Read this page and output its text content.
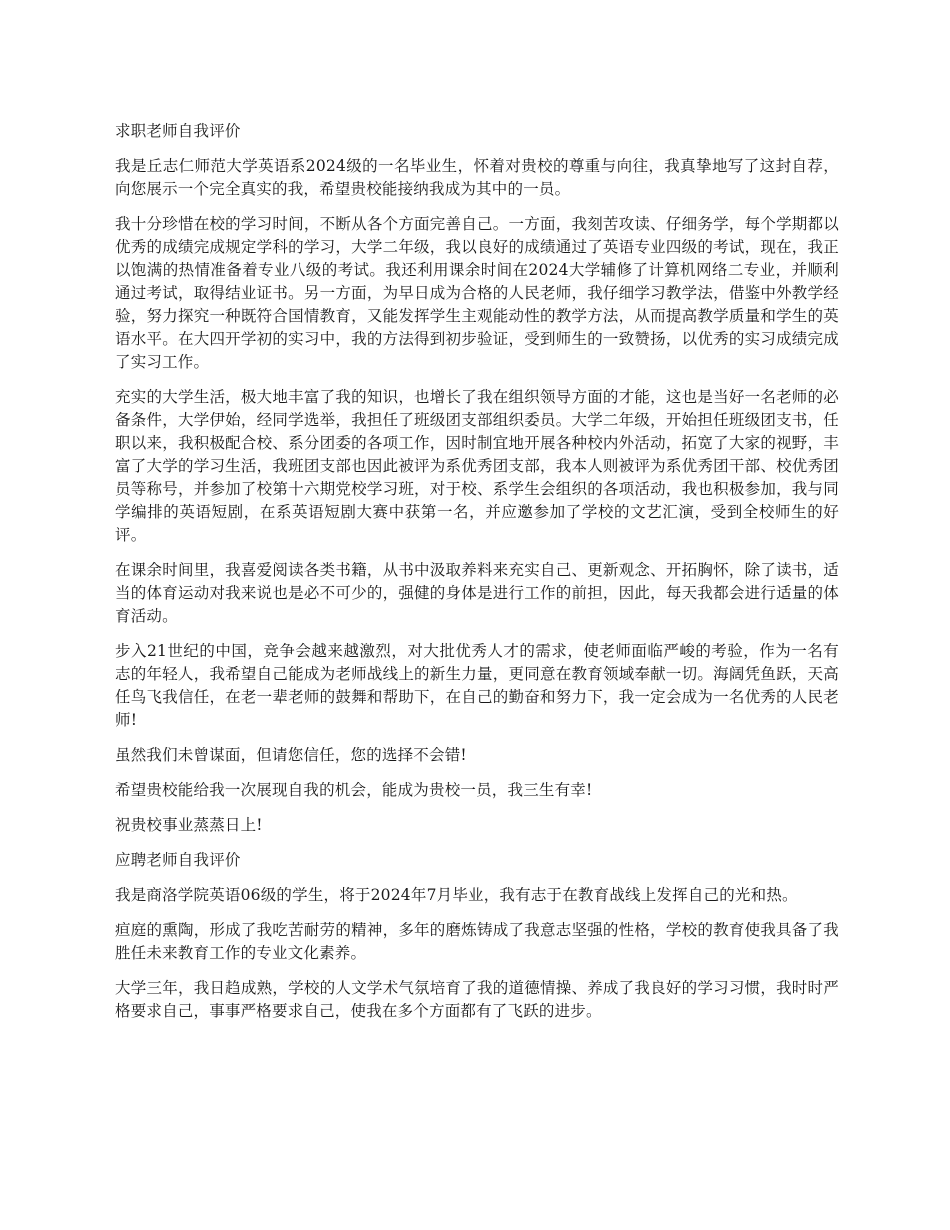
求职老师自我评价

我是丘志仁师范大学英语系2024级的一名毕业生，怀着对贵校的尊重与向往，我真挚地写了这封自荐，向您展示一个完全真实的我，希望贵校能接纳我成为其中的一员。

我十分珍惜在校的学习时间，不断从各个方面完善自己。一方面，我刻苦攻读、仔细务学，每个学期都以优秀的成绩完成规定学科的学习，大学二年级，我以良好的成绩通过了英语专业四级的考试，现在，我正以饱满的热情准备着专业八级的考试。我还利用课余时间在2024大学辅修了计算机网络二专业，并顺利通过考试，取得结业证书。另一方面，为早日成为合格的人民老师，我仔细学习教学法，借鉴中外教学经验，努力探究一种既符合国情教育，又能发挥学生主观能动性的教学方法，从而提高教学质量和学生的英语水平。在大四开学初的实习中，我的方法得到初步验证，受到师生的一致赞扬，以优秀的实习成绩完成了实习工作。

充实的大学生活，极大地丰富了我的知识，也增长了我在组织领导方面的才能，这也是当好一名老师的必备条件，大学伊始，经同学选举，我担任了班级团支部组织委员。大学二年级，开始担任班级团支书，任职以来，我积极配合校、系分团委的各项工作，因时制宜地开展各种校内外活动，拓宽了大家的视野，丰富了大学的学习生活，我班团支部也因此被评为系优秀团支部，我本人则被评为系优秀团干部、校优秀团员等称号，并参加了校第十六期党校学习班，对于校、系学生会组织的各项活动，我也积极参加，我与同学编排的英语短剧，在系英语短剧大赛中获第一名，并应邀参加了学校的文艺汇演，受到全校师生的好评。

在课余时间里，我喜爱阅读各类书籍，从书中汲取养料来充实自己、更新观念、开拓胸怀，除了读书，适当的体育运动对我来说也是必不可少的，强健的身体是进行工作的前担，因此，每天我都会进行适量的体育活动。

步入21世纪的中国，竞争会越来越激烈，对大批优秀人才的需求，使老师面临严峻的考验，作为一名有志的年轻人，我希望自己能成为老师战线上的新生力量，更同意在教育领域奉献一切。海阔凭鱼跃，天高任鸟飞我信任，在老一辈老师的鼓舞和帮助下，在自己的勤奋和努力下，我一定会成为一名优秀的人民老师!

虽然我们未曾谋面，但请您信任，您的选择不会错!

希望贵校能给我一次展现自我的机会，能成为贵校一员，我三生有幸!

祝贵校事业蒸蒸日上!

应聘老师自我评价

我是商洛学院英语06级的学生，将于2024年7月毕业，我有志于在教育战线上发挥自己的光和热。

疸庭的熏陶，形成了我吃苦耐劳的精神，多年的磨炼铸成了我意志坚强的性格，学校的教育使我具备了我胜任未来教育工作的专业文化素养。

大学三年，我日趋成熟，学校的人文学术气氛培育了我的道德情操、养成了我良好的学习习惯，我时时严格要求自己，事事严格要求自己，使我在多个方面都有了飞跃的进步。
